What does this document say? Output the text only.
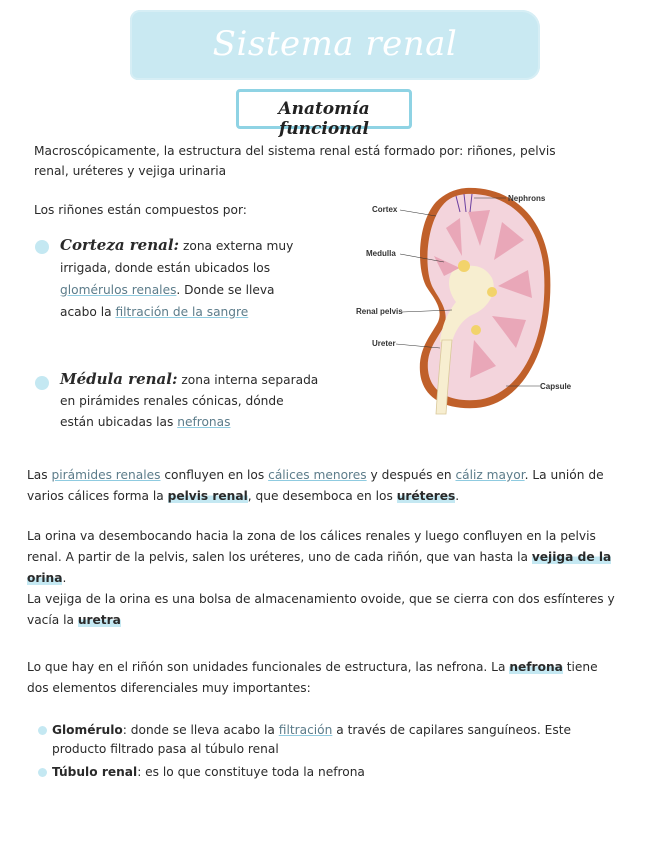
Sistema renal
Anatomía funcional
Macroscópicamente, la estructura del sistema renal está formado por: riñones, pelvis renal, uréteres y vejiga urinaria
Los riñones están compuestos por:
Corteza renal: zona externa muy irrigada, donde están ubicados los glomérulos renales. Donde se lleva acabo la filtración de la sangre
Médula renal: zona interna separada en pirámides renales cónicas, dónde están ubicadas las nefronas
Nephrons
Cortex
Medulla
Renal pelvis
Ureter
Capsule
Las pirámides renales confluyen en los cálices menores y después en cáliz mayor. La unión de varios cálices forma la pelvis renal, que desemboca en los uréteres.
La orina va desembocando hacia la zona de los cálices renales y luego confluyen en la pelvis renal. A partir de la pelvis, salen los uréteres, uno de cada riñón, que van hasta la vejiga de la orina.
La vejiga de la orina es una bolsa de almacenamiento ovoide, que se cierra con dos esfínteres y vacía la uretra
Lo que hay en el riñón son unidades funcionales de estructura, las nefrona. La nefrona tiene dos elementos diferenciales muy importantes:
Glomérulo: donde se lleva acabo la filtración a través de capilares sanguíneos. Este producto filtrado pasa al túbulo renal
Túbulo renal: es lo que constituye toda la nefrona
